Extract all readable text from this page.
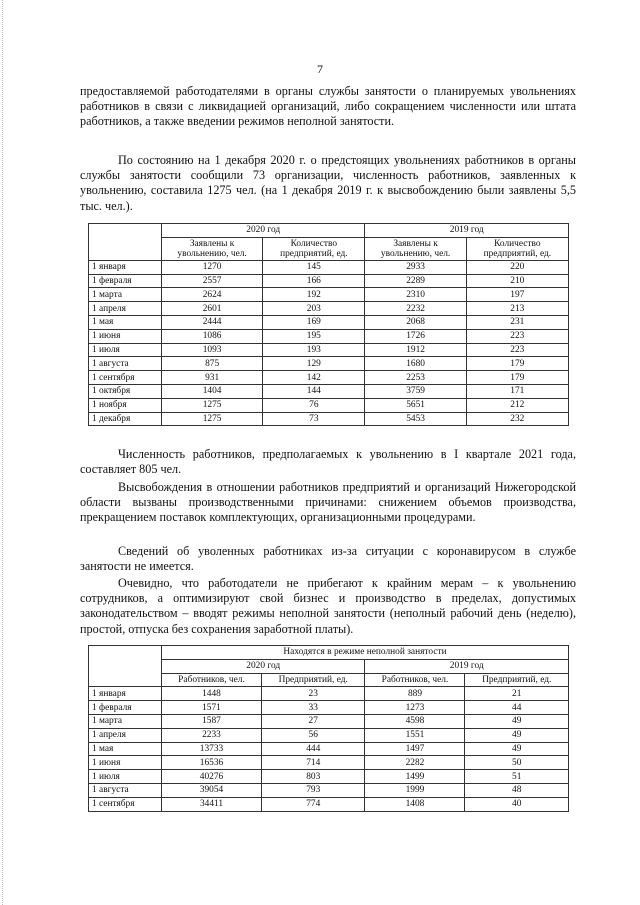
7

предоставляемой работодателями в органы службы занятости о планируемых увольнениях работников в связи с ликвидацией организаций, либо сокращением численности или штата работников, а также введении режимов неполной занятости.

По состоянию на 1 декабря 2020 г. о предстоящих увольнениях работников в органы службы занятости сообщили 73 организации, численность работников, заявленных к увольнению, составила 1275 чел. (на 1 декабря 2019 г. к высвобождению были заявлены 5,5 тыс. чел.).

	2020 год		2019 год	
	Заявлены к увольнению, чел.	Количество предприятий, ед.	Заявлены к увольнению, чел.	Количество предприятий, ед.
1 января	1270	145	2933	220
1 февраля	2557	166	2289	210
1 марта	2624	192	2310	197
1 апреля	2601	203	2232	213
1 мая	2444	169	2068	231
1 июня	1086	195	1726	223
1 июля	1093	193	1912	223
1 августа	875	129	1680	179
1 сентября	931	142	2253	179
1 октября	1404	144	3759	171
1 ноября	1275	76	5651	212
1 декабря	1275	73	5453	232

Численность работников, предполагаемых к увольнению в I квартале 2021 года, составляет 805 чел.

Высвобождения в отношении работников предприятий и организаций Нижегородской области вызваны производственными причинами: снижением объемов производства, прекращением поставок комплектующих, организационными процедурами.

Сведений об уволенных работниках из-за ситуации с коронавирусом в службе занятости не имеется.

Очевидно, что работодатели не прибегают к крайним мерам – к увольнению сотрудников, а оптимизируют свой бизнес и производство в пределах, допустимых законодательством – вводят режимы неполной занятости (неполный рабочий день (неделю), простой, отпуска без сохранения заработной платы).

	Находятся в режиме неполной занятости			
	2020 год		2019 год	
	Работников, чел.	Предприятий, ед.	Работников, чел.	Предприятий, ед.
1 января	1448	23	889	21
1 февраля	1571	33	1273	44
1 марта	1587	27	4598	49
1 апреля	2233	56	1551	49
1 мая	13733	444	1497	49
1 июня	16536	714	2282	50
1 июля	40276	803	1499	51
1 августа	39054	793	1999	48
1 сентября	34411	774	1408	40
